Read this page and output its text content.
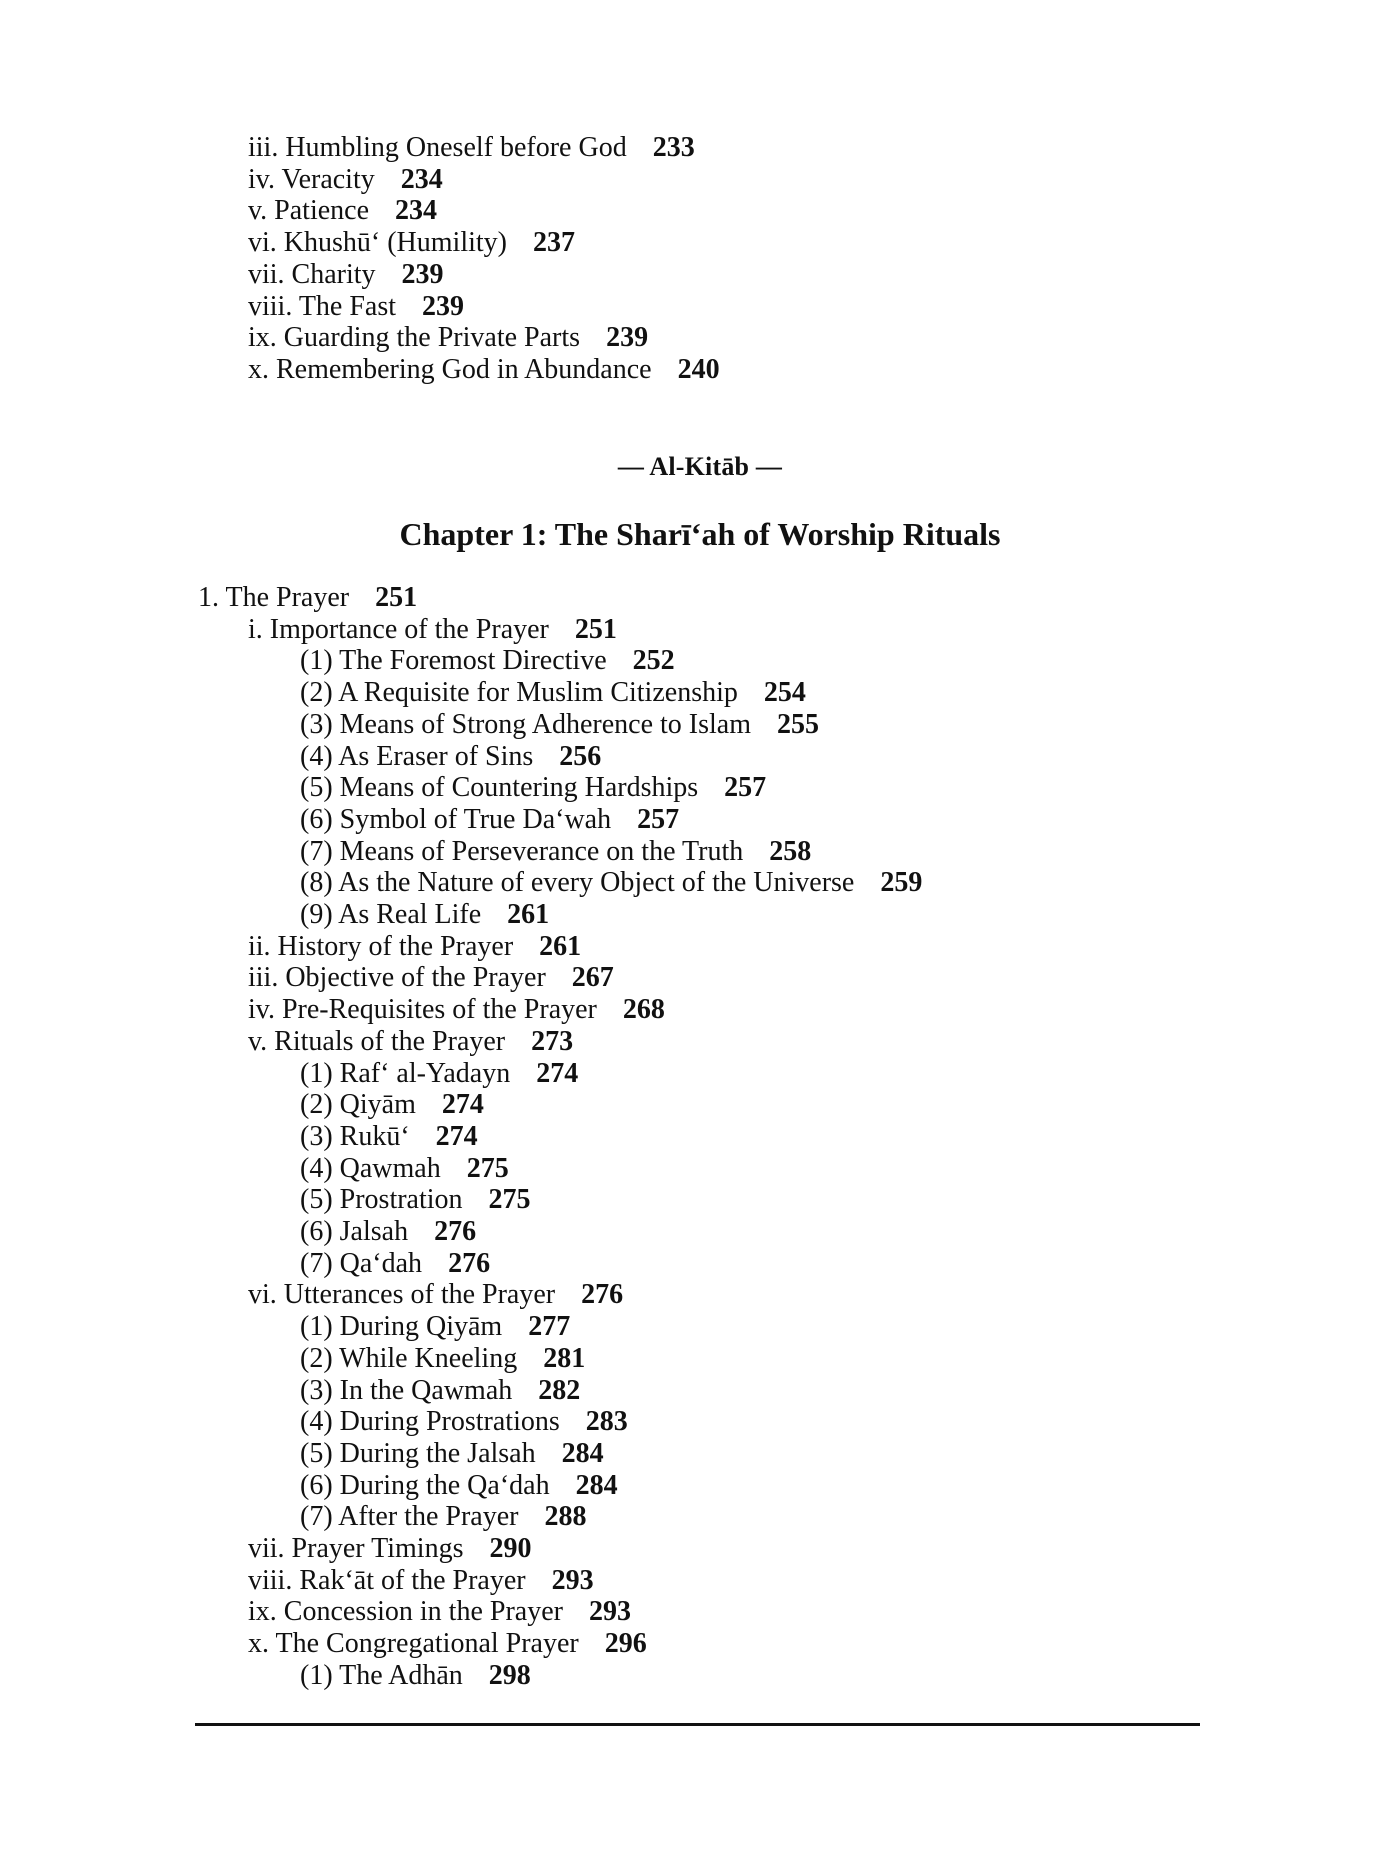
iii. Humbling Oneself before God 233
iv. Veracity 234
v. Patience 234
vi. Khushū‘ (Humility) 237
vii. Charity 239
viii. The Fast 239
ix. Guarding the Private Parts 239
x. Remembering God in Abundance 240
— Al-Kitāb —
Chapter 1: The Sharī‘ah of Worship Rituals
1. The Prayer 251
i. Importance of the Prayer 251
(1) The Foremost Directive 252
(2) A Requisite for Muslim Citizenship 254
(3) Means of Strong Adherence to Islam 255
(4) As Eraser of Sins 256
(5) Means of Countering Hardships 257
(6) Symbol of True Da‘wah 257
(7) Means of Perseverance on the Truth 258
(8) As the Nature of every Object of the Universe 259
(9) As Real Life 261
ii. History of the Prayer 261
iii. Objective of the Prayer 267
iv. Pre-Requisites of the Prayer 268
v. Rituals of the Prayer 273
(1) Raf‘ al-Yadayn 274
(2) Qiyām 274
(3) Rukū‘ 274
(4) Qawmah 275
(5) Prostration 275
(6) Jalsah 276
(7) Qa‘dah 276
vi. Utterances of the Prayer 276
(1) During Qiyām 277
(2) While Kneeling 281
(3) In the Qawmah 282
(4) During Prostrations 283
(5) During the Jalsah 284
(6) During the Qa‘dah 284
(7) After the Prayer 288
vii. Prayer Timings 290
viii. Rak‘āt of the Prayer 293
ix. Concession in the Prayer 293
x. The Congregational Prayer 296
(1) The Adhān 298
